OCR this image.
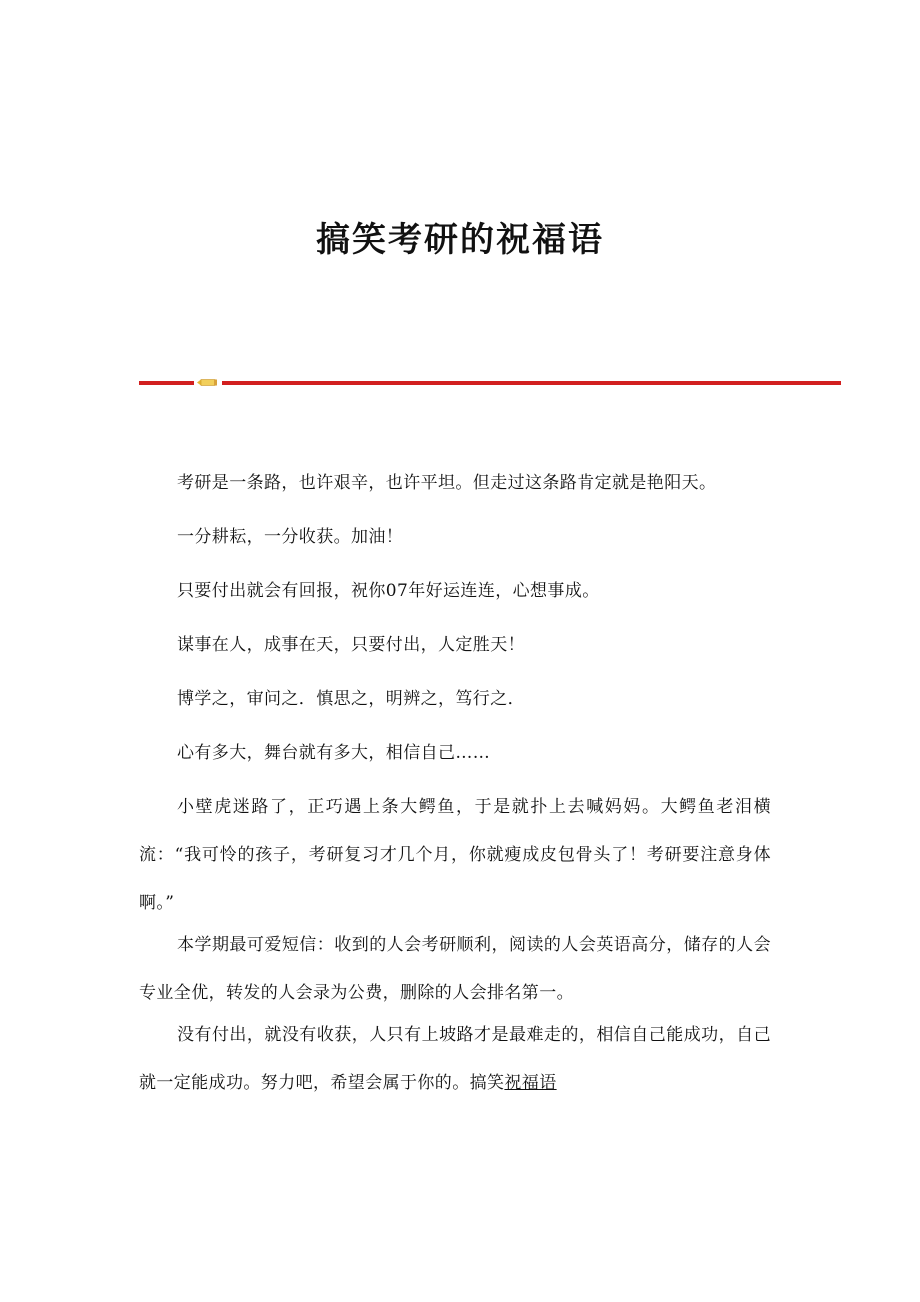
搞笑考研的祝福语

考研是一条路，也许艰辛，也许平坦。但走过这条路肯定就是艳阳天。

一分耕耘，一分收获。加油！

只要付出就会有回报，祝你07年好运连连，心想事成。

谋事在人，成事在天，只要付出，人定胜天！

博学之，审问之．慎思之，明辨之，笃行之．

心有多大，舞台就有多大，相信自己……

小壁虎迷路了，正巧遇上条大鳄鱼，于是就扑上去喊妈妈。大鳄鱼老泪横流：“我可怜的孩子，考研复习才几个月，你就瘦成皮包骨头了！考研要注意身体啊。”

本学期最可爱短信：收到的人会考研顺利，阅读的人会英语高分，储存的人会专业全优，转发的人会录为公费，删除的人会排名第一。

没有付出，就没有收获，人只有上坡路才是最难走的，相信自己能成功，自己就一定能成功。努力吧，希望会属于你的。搞笑祝福语
